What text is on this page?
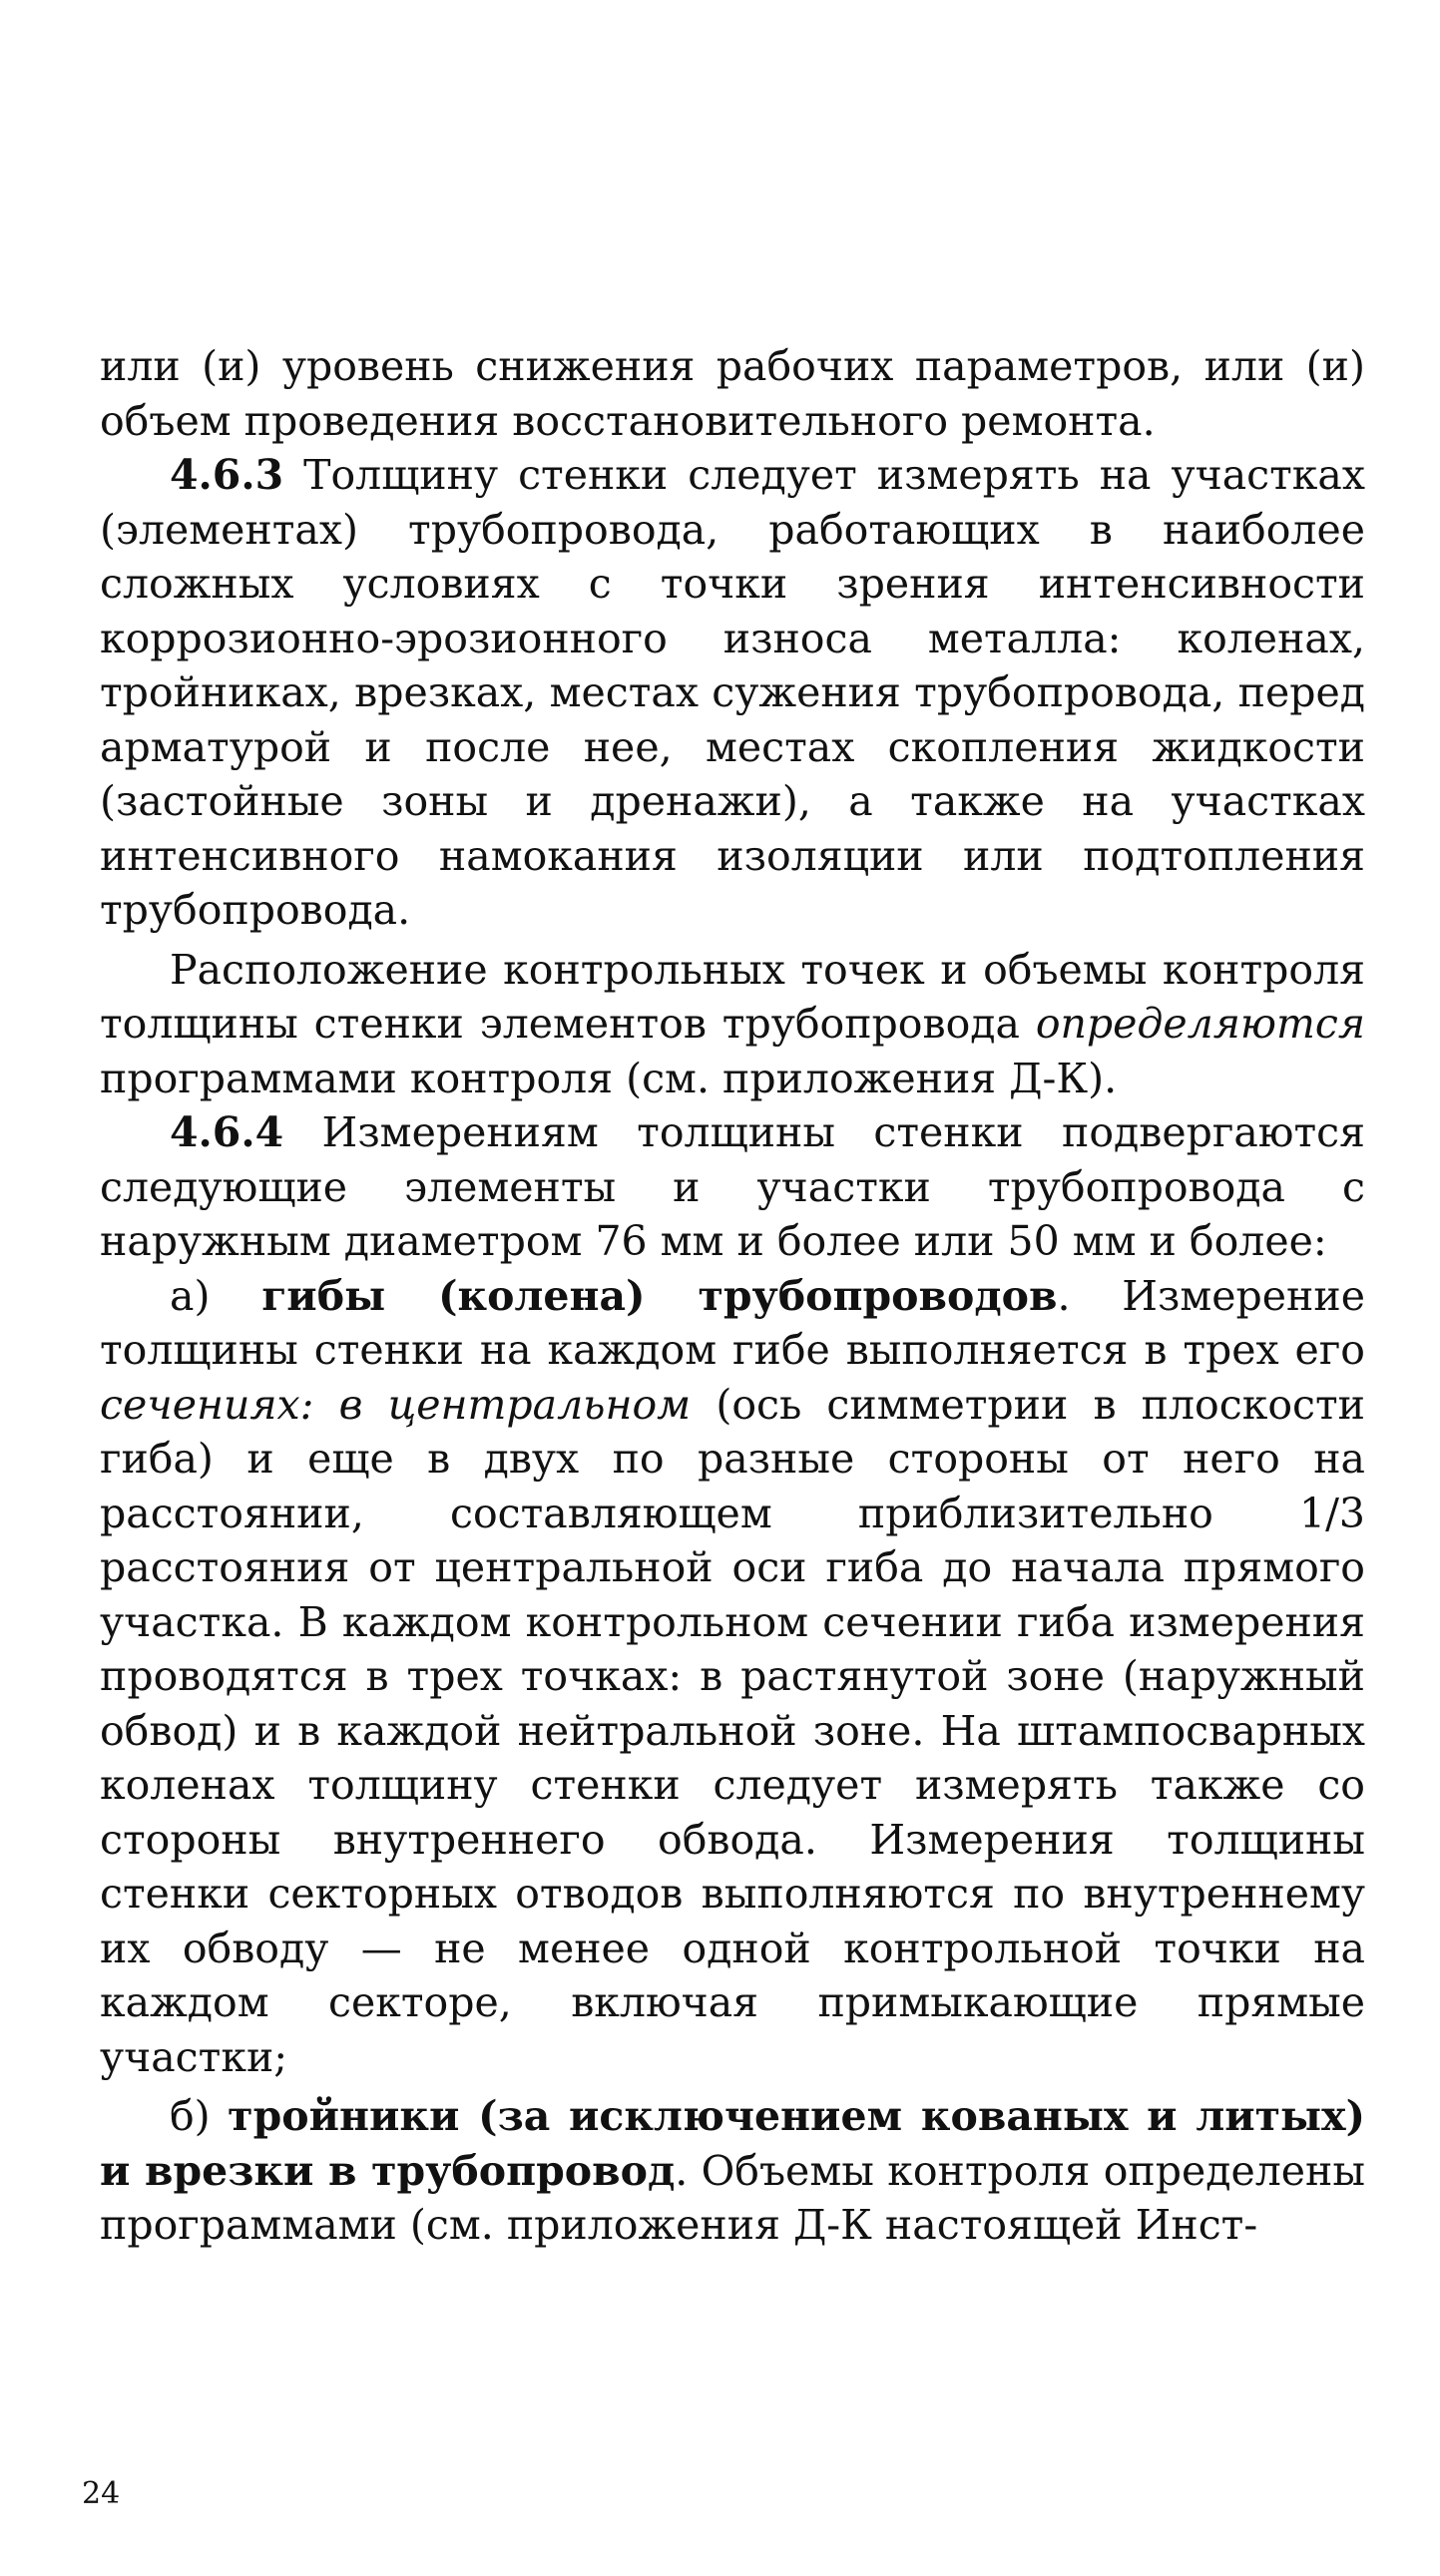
или (и) уровень снижения рабочих параметров, или (и) объем проведения восстановительного ремонта.

4.6.3 Толщину стенки следует измерять на участках (элементах) трубопровода, работающих в наиболее сложных условиях с точки зрения интенсивности коррозионно-эрозионного износа металла: коленах, тройниках, врезках, местах сужения трубопровода, перед арматурой и после нее, местах скопления жидкости (застойные зоны и дренажи), а также на участках интенсивного намокания изоляции или подтопления трубопровода.

Расположение контрольных точек и объемы контроля толщины стенки элементов трубопровода определяются программами контроля (см. приложения Д-К).

4.6.4 Измерениям толщины стенки подвергаются следующие элементы и участки трубопровода с наружным диаметром 76 мм и более или 50 мм и более:

а) гибы (колена) трубопроводов. Измерение толщины стенки на каждом гибе выполняется в трех его сечениях: в центральном (ось симметрии в плоскости гиба) и еще в двух по разные стороны от него на расстоянии, составляющем приблизительно 1/3 расстояния от центральной оси гиба до начала прямого участка. В каждом контрольном сечении гиба измерения проводятся в трех точках: в растянутой зоне (наружный обвод) и в каждой нейтральной зоне. На штампосварных коленах толщину стенки следует измерять также со стороны внутреннего обвода. Измерения толщины стенки секторных отводов выполняются по внутреннему их обводу — не менее одной контрольной точки на каждом секторе, включая примыкающие прямые участки;

б) тройники (за исключением кованых и литых) и врезки в трубопровод. Объемы контроля определены программами (см. приложения Д-К настоящей Инст-

24
